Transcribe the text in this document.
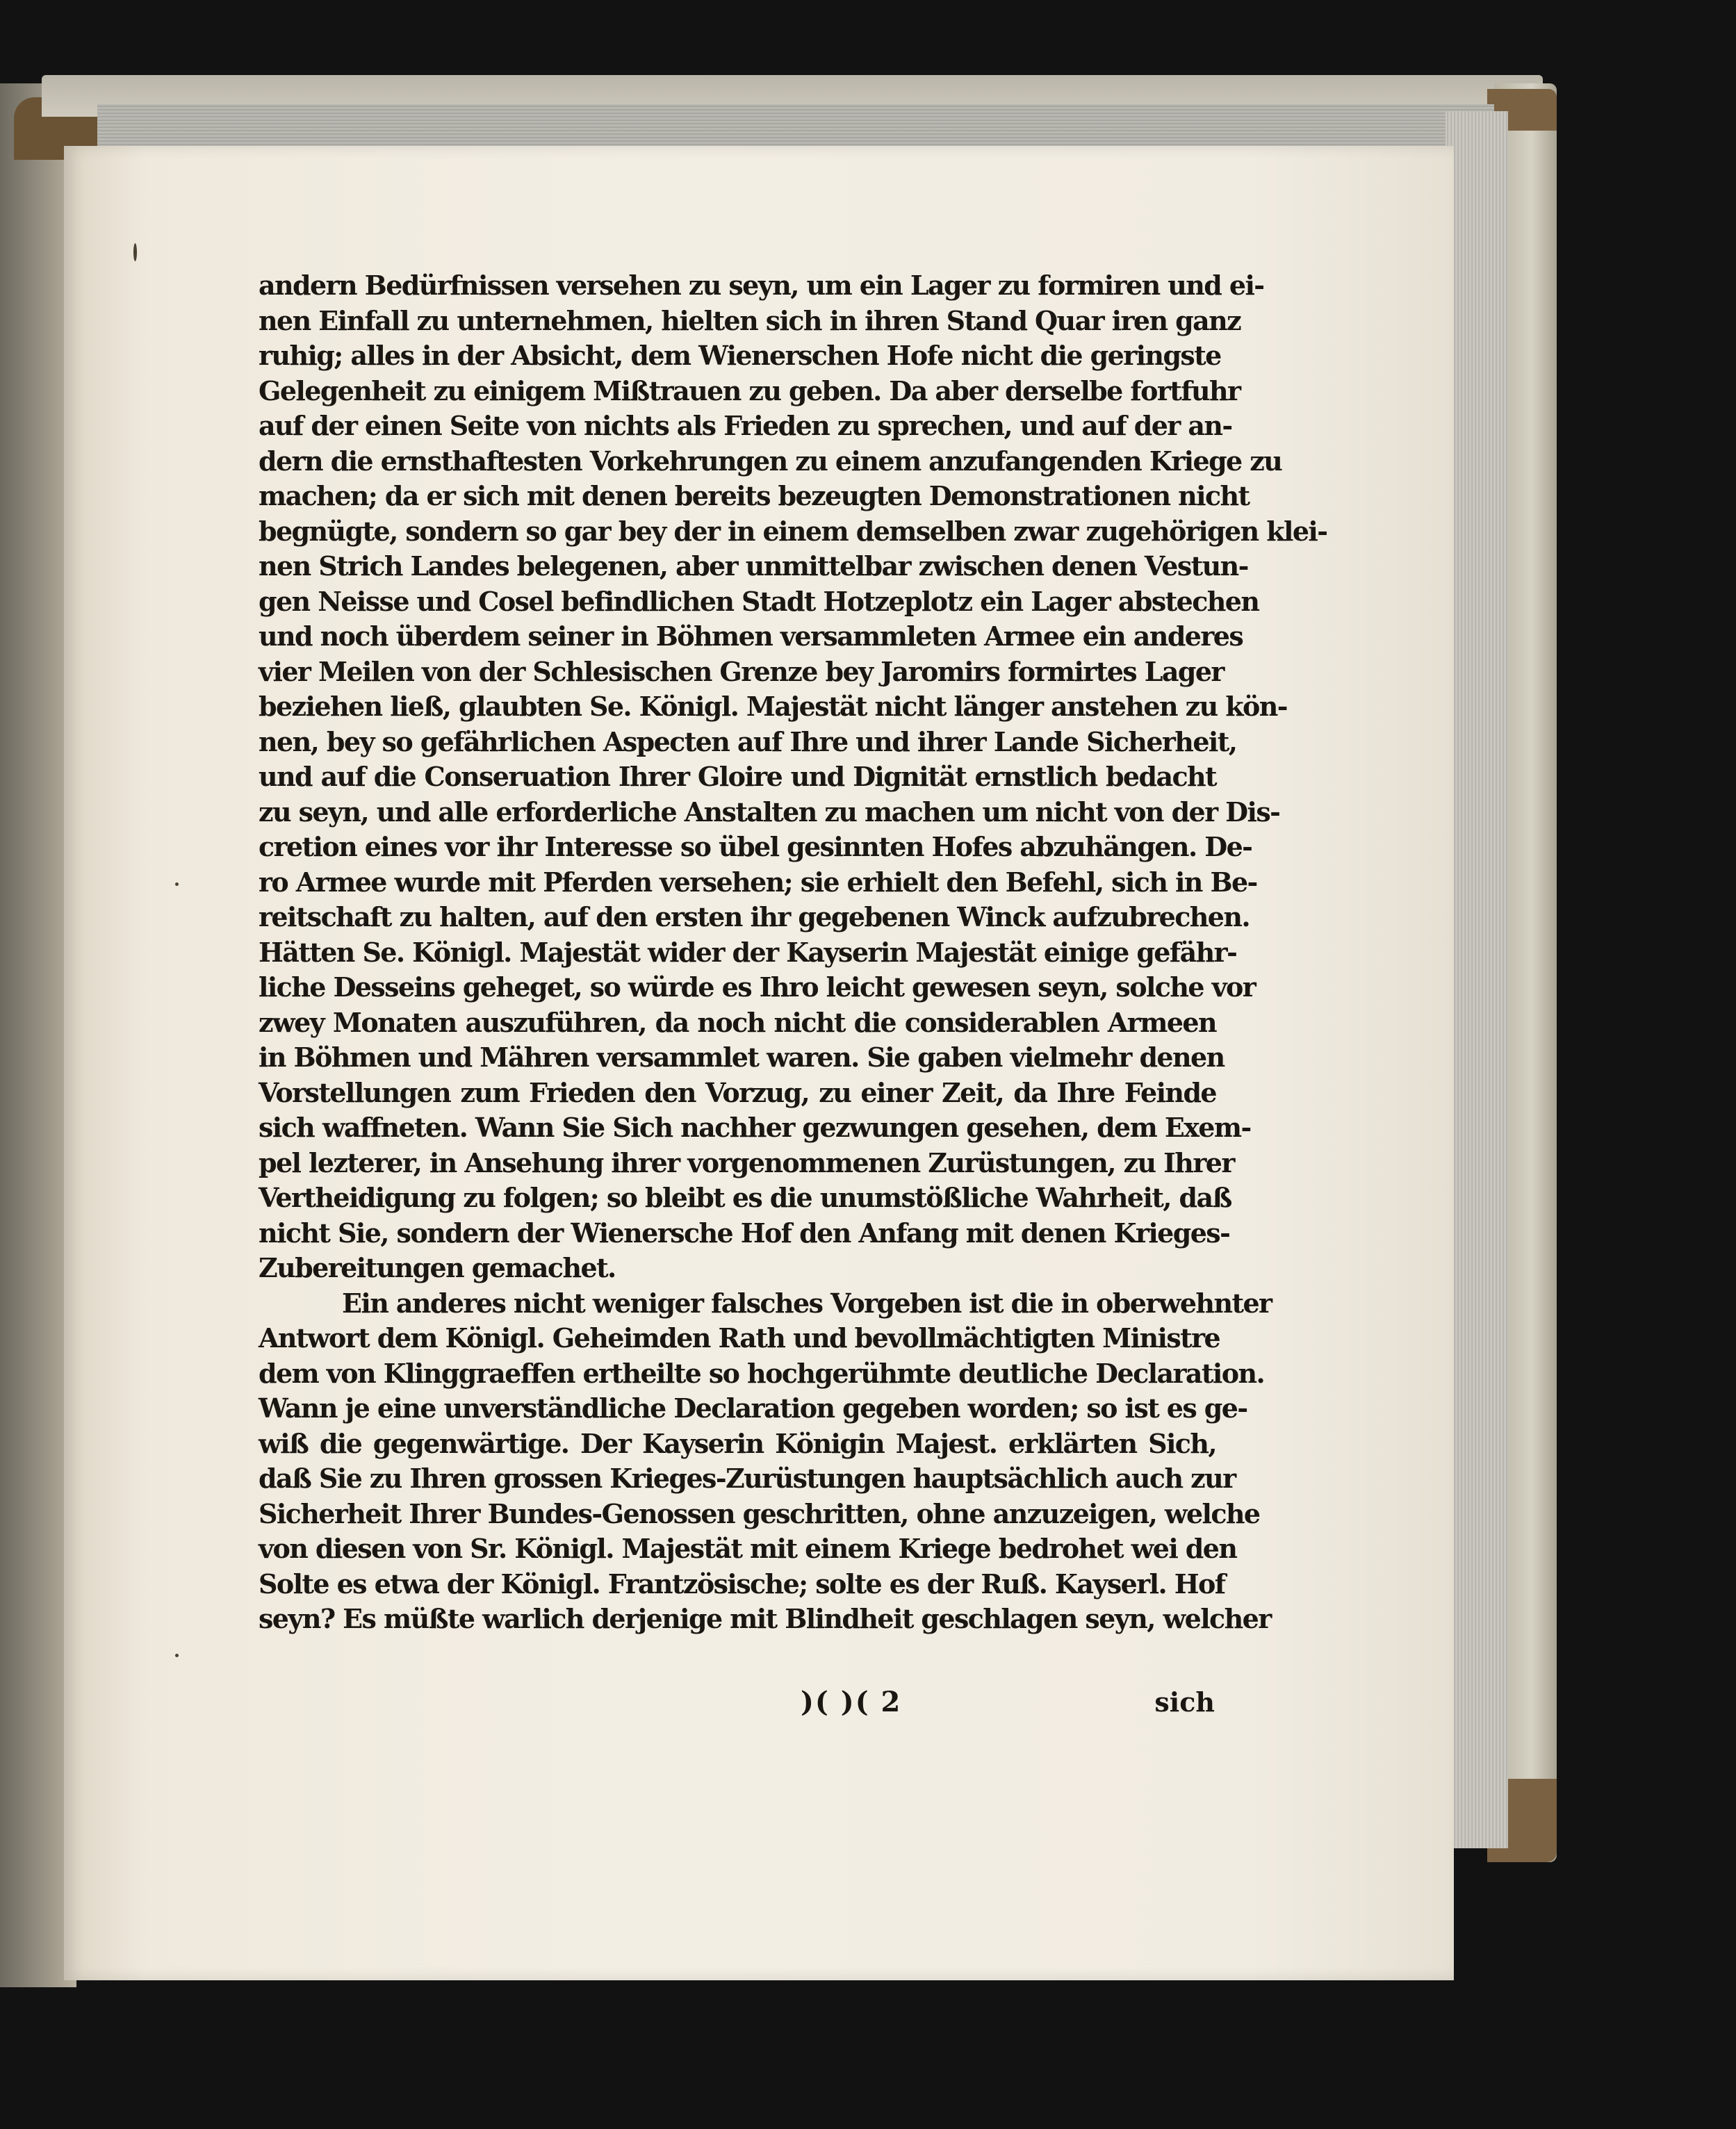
andern Bedürfnissen versehen zu seyn, um ein Lager zu formiren und ei-
nen Einfall zu unternehmen, hielten sich in ihren Stand Quar iren ganz
ruhig; alles in der Absicht, dem Wienerschen Hofe nicht die geringste
Gelegenheit zu einigem Mißtrauen zu geben. Da aber derselbe fortfuhr
auf der einen Seite von nichts als Frieden zu sprechen, und auf der an-
dern die ernsthaftesten Vorkehrungen zu einem anzufangenden Kriege zu
machen; da er sich mit denen bereits bezeugten Demonstrationen nicht
begnügte, sondern so gar bey der in einem demselben zwar zugehörigen klei-
nen Strich Landes belegenen, aber unmittelbar zwischen denen Vestun-
gen Neisse und Cosel befindlichen Stadt Hotzeplotz ein Lager abstechen
und noch überdem seiner in Böhmen versammleten Armee ein anderes
vier Meilen von der Schlesischen Grenze bey Jaromirs formirtes Lager
beziehen ließ, glaubten Se. Königl. Majestät nicht länger anstehen zu kön-
nen, bey so gefährlichen Aspecten auf Ihre und ihrer Lande Sicherheit,
und auf die Conseruation Ihrer Gloire und Dignität ernstlich bedacht
zu seyn, und alle erforderliche Anstalten zu machen um nicht von der Dis-
cretion eines vor ihr Interesse so übel gesinnten Hofes abzuhängen. De-
ro Armee wurde mit Pferden versehen; sie erhielt den Befehl, sich in Be-
reitschaft zu halten, auf den ersten ihr gegebenen Winck aufzubrechen.
Hätten Se. Königl. Majestät wider der Kayserin Majestät einige gefähr-
liche Desseins geheget, so würde es Ihro leicht gewesen seyn, solche vor
zwey Monaten auszuführen, da noch nicht die considerablen Armeen
in Böhmen und Mähren versammlet waren. Sie gaben vielmehr denen
Vorstellungen zum Frieden den Vorzug, zu einer Zeit, da Ihre Feinde
sich waffneten. Wann Sie Sich nachher gezwungen gesehen, dem Exem-
pel lezterer, in Ansehung ihrer vorgenommenen Zurüstungen, zu Ihrer
Vertheidigung zu folgen; so bleibt es die unumstößliche Wahrheit, daß
nicht Sie, sondern der Wienersche Hof den Anfang mit denen Krieges-
Zubereitungen gemachet.
Ein anderes nicht weniger falsches Vorgeben ist die in oberwehnter
Antwort dem Königl. Geheimden Rath und bevollmächtigten Ministre
dem von Klinggraeffen ertheilte so hochgerühmte deutliche Declaration.
Wann je eine unverständliche Declaration gegeben worden; so ist es ge-
wiß die gegenwärtige. Der Kayserin Königin Majest. erklärten Sich,
daß Sie zu Ihren grossen Krieges-Zurüstungen hauptsächlich auch zur
Sicherheit Ihrer Bundes-Genossen geschritten, ohne anzuzeigen, welche
von diesen von Sr. Königl. Majestät mit einem Kriege bedrohet wei den
Solte es etwa der Königl. Frantzösische; solte es der Ruß. Kayserl. Hof
seyn? Es müßte warlich derjenige mit Blindheit geschlagen seyn, welcher
)( )( 2	sich
